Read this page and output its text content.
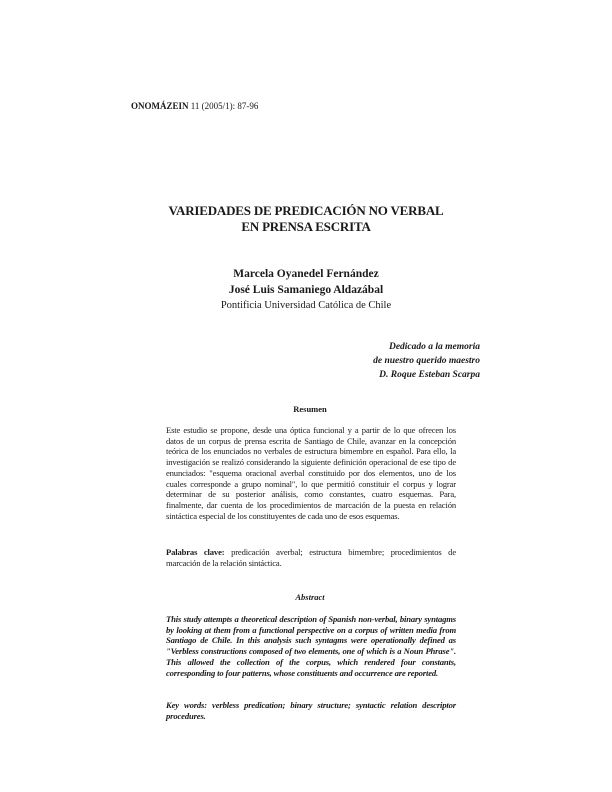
ONOMÁZEIN 11 (2005/1): 87-96
VARIEDADES DE PREDICACIÓN NO VERBAL
EN PRENSA ESCRITA
Marcela Oyanedel Fernández
José Luis Samaniego Aldazábal
Pontificia Universidad Católica de Chile
Dedicado a la memoria
de nuestro querido maestro
D. Roque Esteban Scarpa
Resumen
Este estudio se propone, desde una óptica funcional y a partir de lo que ofrecen los datos de un corpus de prensa escrita de Santiago de Chile, avanzar en la concepción teórica de los enunciados no verbales de estructura bimembre en español. Para ello, la investigación se realizó considerando la siguiente definición operacional de ese tipo de enunciados: "esquema oracional averbal constituido por dos elementos, uno de los cuales corresponde a grupo nominal", lo que permitió constituir el corpus y lograr determinar de su posterior análisis, como constantes, cuatro esquemas. Para, finalmente, dar cuenta de los procedimientos de marcación de la puesta en relación sintáctica especial de los constituyentes de cada uno de esos esquemas.
Palabras clave: predicación averbal; estructura bimembre; procedimientos de marcación de la relación sintáctica.
Abstract
This study attempts a theoretical description of Spanish non-verbal, binary syntagms by looking at them from a functional perspective on a corpus of written media from Santiago de Chile. In this analysis such syntagms were operationally defined as "Verbless constructions composed of two elements, one of which is a Noun Phrase". This allowed the collection of the corpus, which rendered four constants, corresponding to four patterns, whose constituents and occurrence are reported.
Key words: verbless predication; binary structure; syntactic relation descriptor procedures.
